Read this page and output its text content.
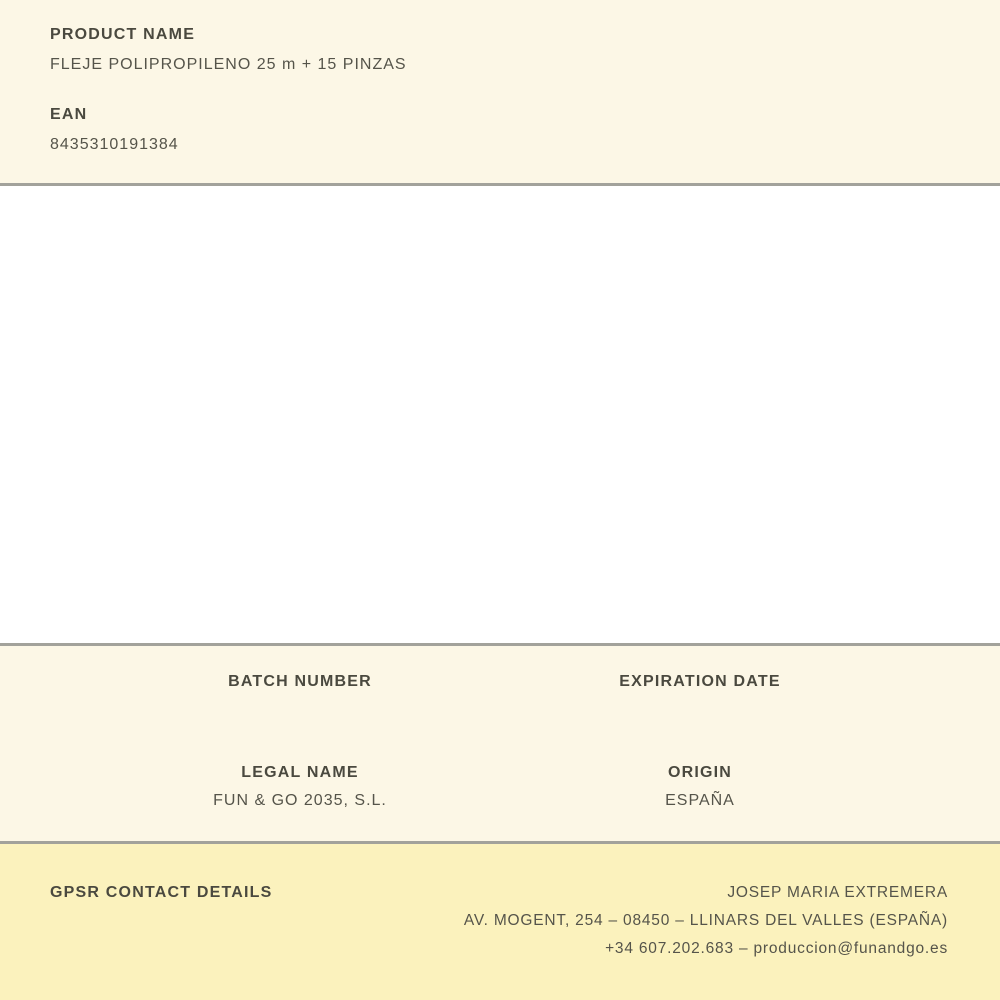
PRODUCT NAME
FLEJE POLIPROPILENO 25 m + 15 PINZAS
EAN
8435310191384
BATCH NUMBER	EXPIRATION DATE
LEGAL NAME
FUN & GO 2035, S.L.
ORIGIN
ESPAÑA
GPSR CONTACT DETAILS	JOSEP MARIA EXTREMERA
AV. MOGENT, 254 – 08450 – LLINARS DEL VALLES (ESPAÑA)
+34 607.202.683 – produccion@funandgo.es
